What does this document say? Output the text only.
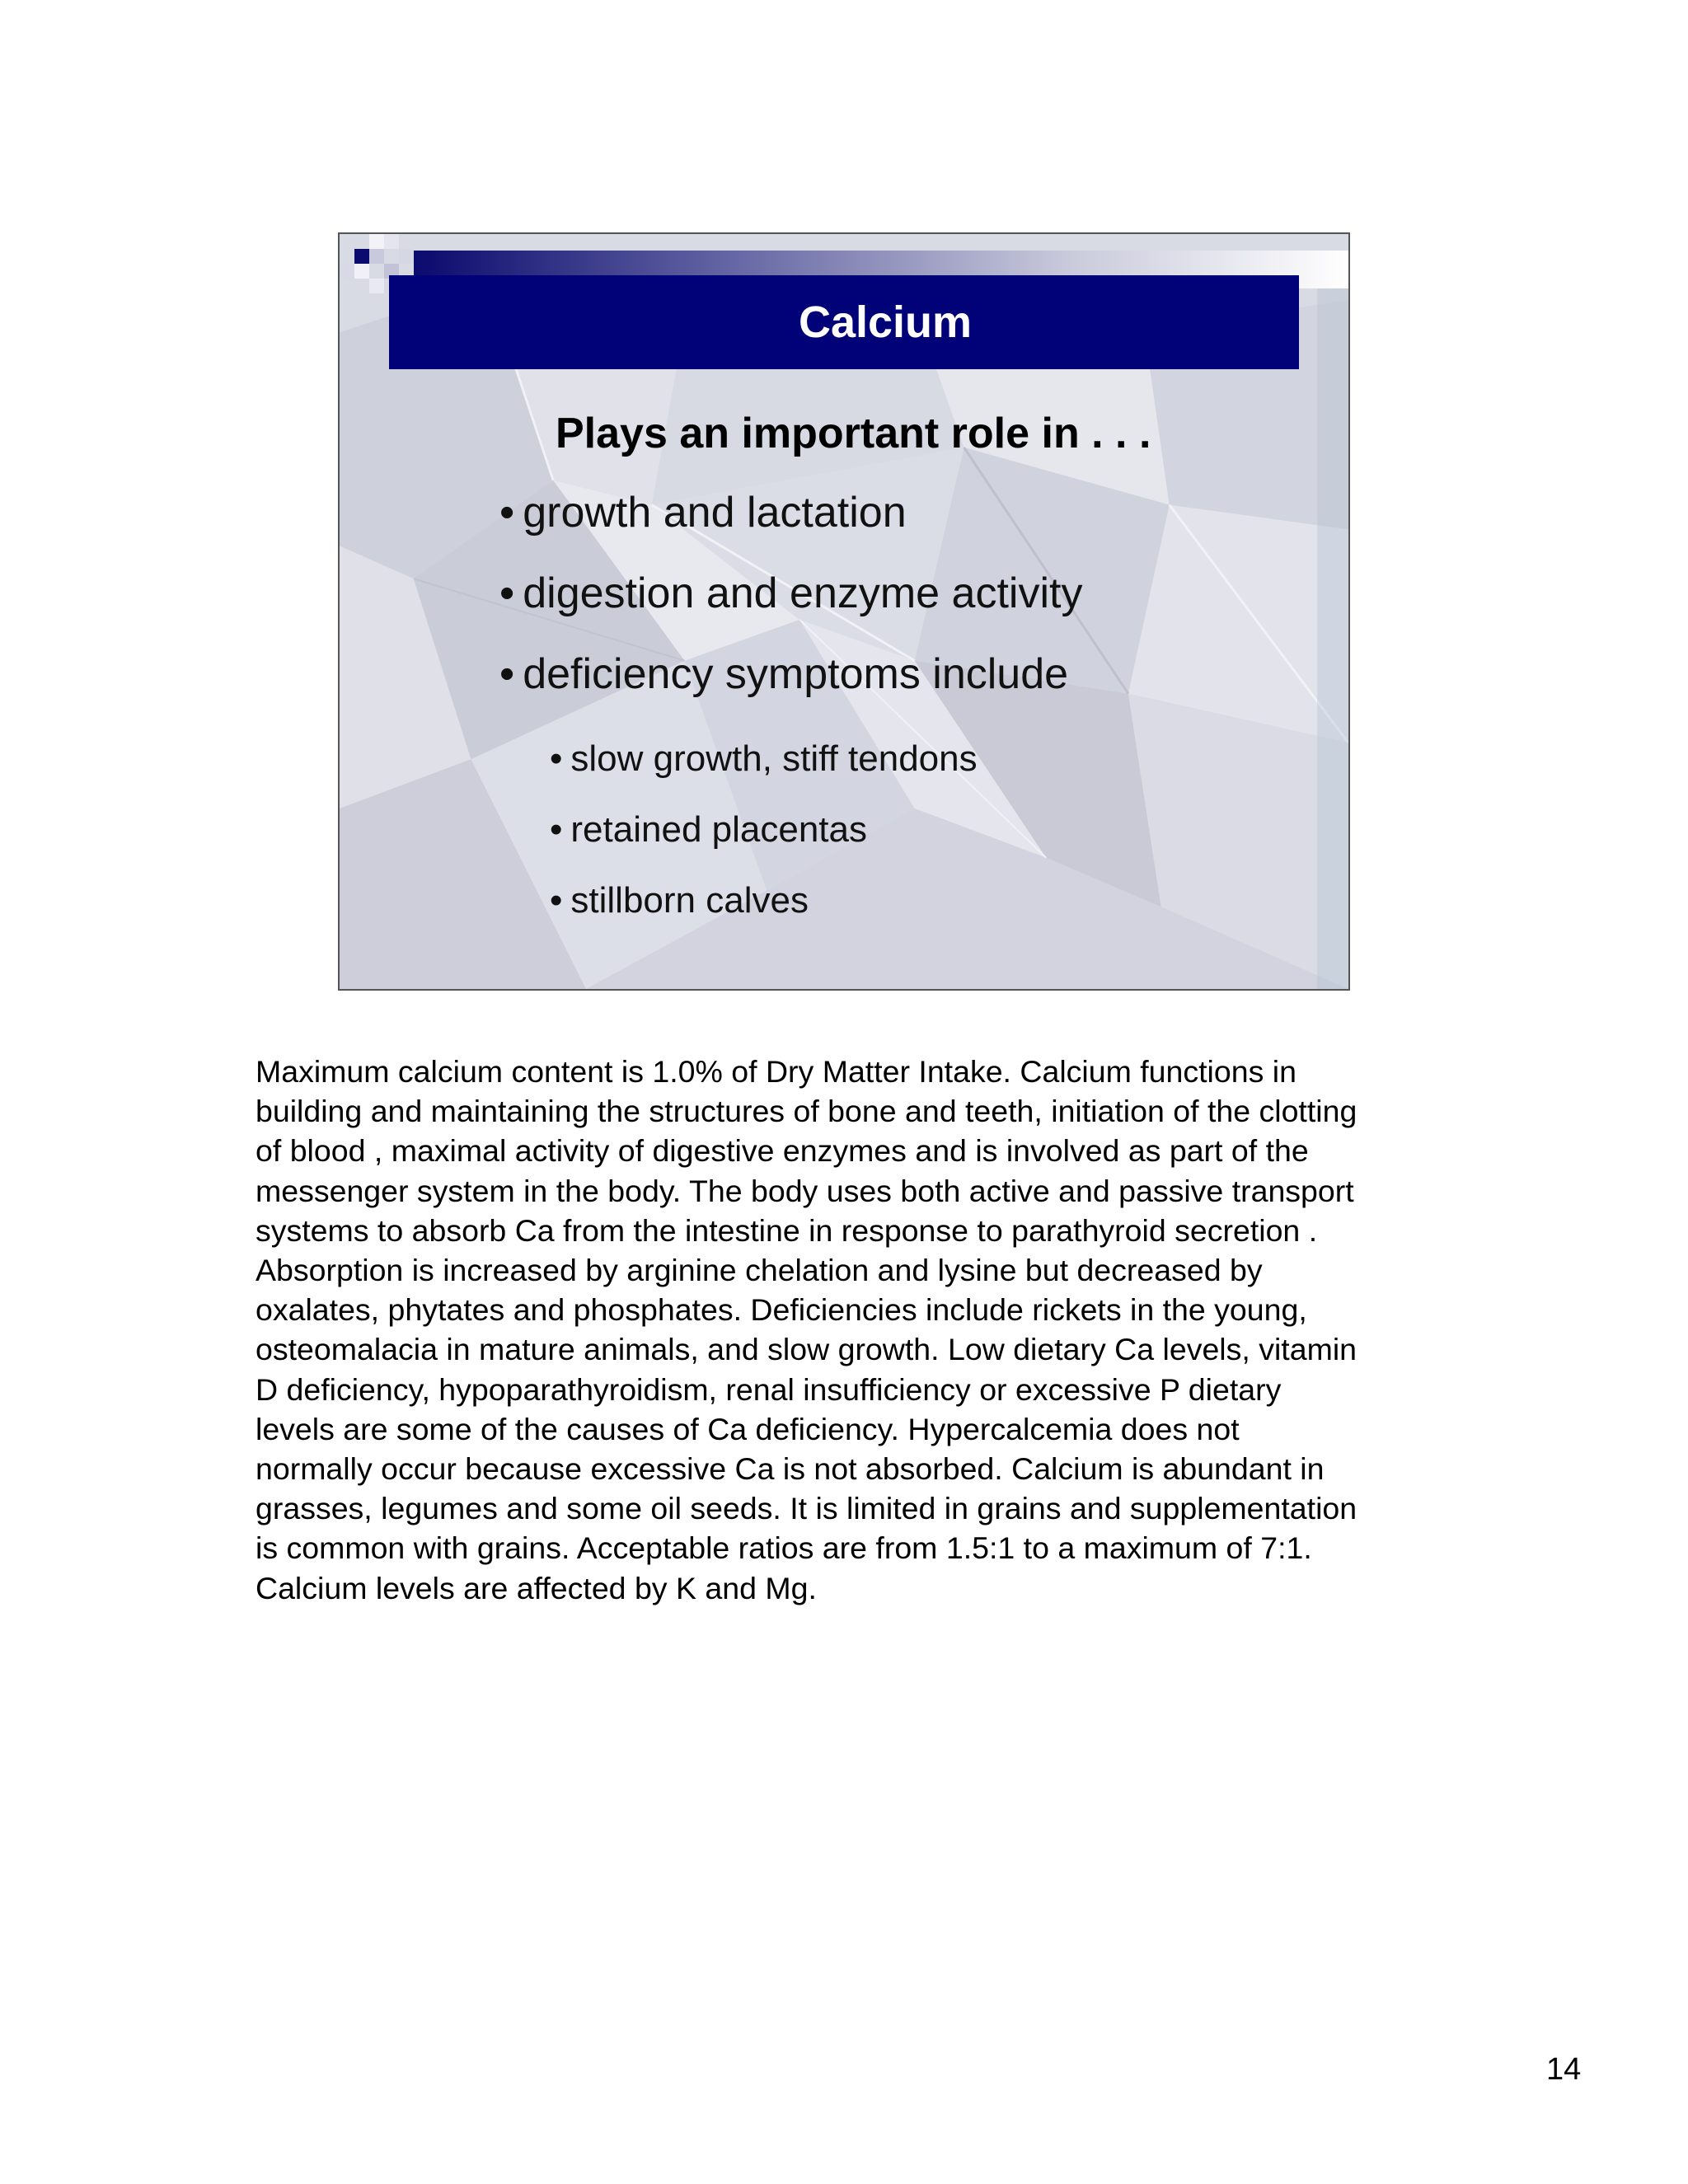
Calcium
Plays an important role in . . .
• growth and lactation
• digestion and enzyme activity
• deficiency symptoms include
• slow growth, stiff tendons
• retained placentas
• stillborn calves

Maximum calcium content is 1.0% of Dry Matter Intake. Calcium functions in

building and maintaining the structures of bone and teeth, initiation of the clotting

of blood , maximal activity of digestive enzymes and is involved as part of the

messenger system in the body. The body uses both active and passive transport

systems to absorb Ca from the intestine in response to parathyroid secretion .

Absorption is increased by arginine chelation and lysine but decreased by

oxalates, phytates and phosphates. Deficiencies include rickets in the young,

osteomalacia in mature animals, and slow growth. Low dietary Ca levels, vitamin

D deficiency, hypoparathyroidism, renal insufficiency or excessive P dietary

levels are some of the causes of Ca deficiency. Hypercalcemia does not

normally occur because excessive Ca is not absorbed. Calcium is abundant in

grasses, legumes and some oil seeds. It is limited in grains and supplementation

is common with grains. Acceptable ratios are from 1.5:1 to a maximum of 7:1.

Calcium levels are affected by K and Mg.

14
